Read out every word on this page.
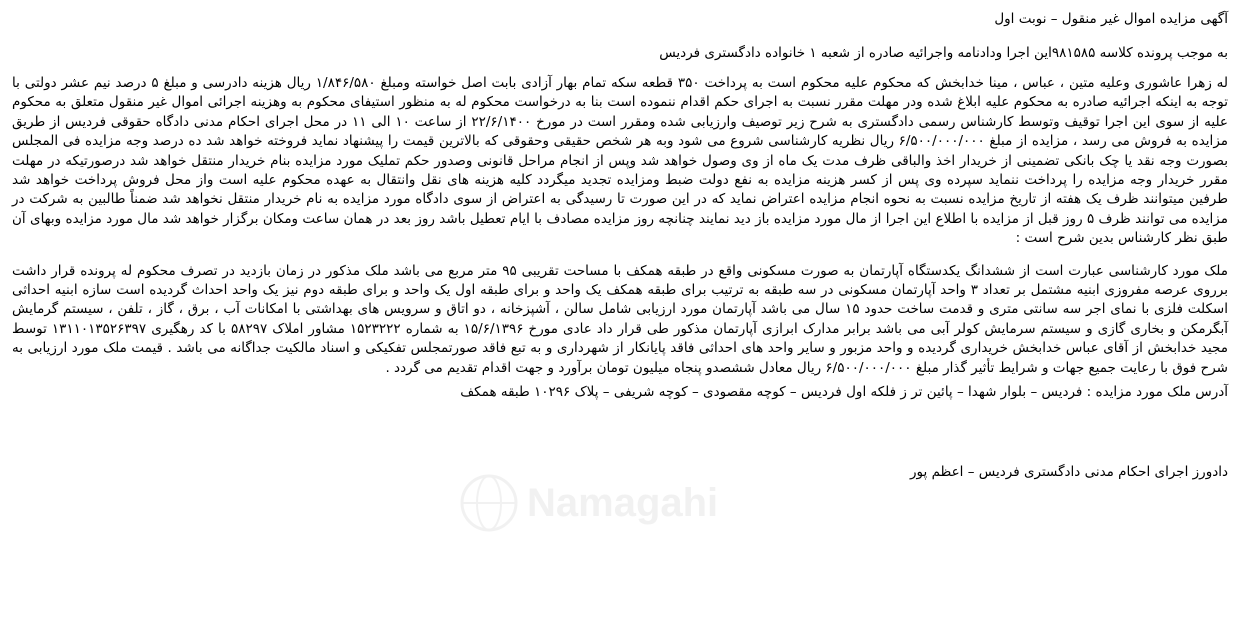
آگهی مزایده اموال غیر منقول – نوبت اول

به موجب پرونده کلاسه ۹۸۱۵۸۵این اجرا ودادنامه واجرائیه صادره از شعبه ۱ خانواده دادگستری فردیس

له زهرا عاشوری وعلیه متین ، عباس ، مینا خدابخش که محکوم علیه محکوم است به پرداخت ۳۵۰ قطعه سکه تمام بهار آزادی بابت اصل خواسته ومبلغ ۱/۸۴۶/۵۸۰ ریال هزینه دادرسی و مبلغ ۵ درصد نیم عشر دولتی با توجه به اینکه اجرائیه صادره به محکوم علیه ابلاغ شده ودر مهلت مقرر نسبت به اجرای حکم اقدام ننموده است بنا به درخواست محکوم له به منظور استیفای محکوم به وهزینه اجرائی اموال غیر منقول متعلق به محکوم علیه از سوی این اجرا توقیف وتوسط کارشناس رسمی دادگستری به شرح زیر توصیف وارزیابی شده ومقرر است در مورخ ۲۲/۶/۱۴۰۰ از ساعت ۱۰ الی ۱۱ در محل اجرای احکام مدنی دادگاه حقوقی فردیس از طریق مزایده به فروش می رسد ، مزایده از مبلغ ۶/۵۰۰/۰۰۰/۰۰۰ ریال نظریه کارشناسی شروع می شود وبه هر شخص حقیقی وحقوقی که بالاترین قیمت را پیشنهاد نماید فروخته خواهد شد ده درصد وجه مزایده فی المجلس بصورت وجه نقد یا چک بانکی تضمینی از خریدار اخذ والباقی ظرف مدت یک ماه از وی وصول خواهد شد وپس از انجام مراحل قانونی وصدور حکم تملیک مورد مزایده بنام خریدار منتقل خواهد شد درصورتیکه در مهلت مقرر خریدار وجه مزایده را پرداخت ننماید سپرده وی پس از کسر هزینه مزایده به نفع دولت ضبط ومزایده تجدید میگردد کلیه هزینه های نقل وانتقال به عهده محکوم علیه است واز محل فروش پرداخت خواهد شد طرفین میتوانند ظرف یک هفته از تاریخ مزایده نسبت به نحوه انجام مزایده اعتراض نماید که در این صورت تا رسیدگی به اعتراض از سوی دادگاه مورد مزایده به نام خریدار منتقل نخواهد شد ضمناً طالبین به شرکت در مزایده می توانند ظرف ۵ روز قبل از مزایده با اطلاع این اجرا از مال مورد مزایده باز دید نمایند چنانچه روز مزایده مصادف با ایام تعطیل باشد روز بعد در همان ساعت ومکان برگزار خواهد شد مال مورد مزایده وبهای آن طبق نظر کارشناس بدین شرح است :

ملک مورد کارشناسی عبارت است از ششدانگ یکدستگاه آپارتمان به صورت مسکونی واقع در طبقه همکف با مساحت تقریبی ۹۵ متر مربع می باشد ملک مذکور در زمان بازدید در تصرف محکوم له پرونده قرار داشت برروی عرصه مفروزی ابنیه مشتمل بر تعداد ۳ واحد آپارتمان مسکونی در سه طبقه به ترتیب برای طبقه همکف یک واحد و برای طبقه اول یک واحد و برای طبقه دوم نیز یک واحد احداث گردیده است سازه ابنیه احداثی اسکلت فلزی با نمای اجر سه سانتی متری و قدمت ساخت حدود ۱۵ سال می باشد آپارتمان مورد ارزیابی شامل سالن ، آشپزخانه ، دو اتاق و سرویس های بهداشتی با امکانات آب ، برق ، گاز ، تلفن ، سیستم گرمایش آبگرمکن و بخاری گازی و سیستم سرمایش کولر آبی می باشد برابر مدارک ابرازی آپارتمان مذکور طی قرار داد عادی مورخ ۱۵/۶/۱۳۹۶ به شماره ۱۵۲۳۲۲۲ مشاور املاک ۵۸۲۹۷ با کد رهگیری ۱۳۱۱۰۱۳۵۲۶۳۹۷ توسط مجید خدابخش از آقای عباس خدابخش خریداری گردیده و واحد مزبور و سایر واحد های احداثی فاقد پایانکار از شهرداری و به تبع فاقد صورتمجلس تفکیکی و اسناد مالکیت جداگانه می باشد . قیمت ملک مورد ارزیابی به شرح فوق با رعایت جمیع جهات و شرایط تأثیر گذار مبلغ ۶/۵۰۰/۰۰۰/۰۰۰ ریال معادل ششصدو پنجاه میلیون تومان برآورد و جهت اقدام تقدیم می گردد .

آدرس ملک مورد مزایده : فردیس – بلوار شهدا – پائین تر ز فلکه اول فردیس – کوچه مقصودی – کوچه شریفی – پلاک ۱۰۲۹۶ طبقه همکف

دادورز اجرای احکام مدنی دادگستری فردیس – اعظم پور

Namagahi
